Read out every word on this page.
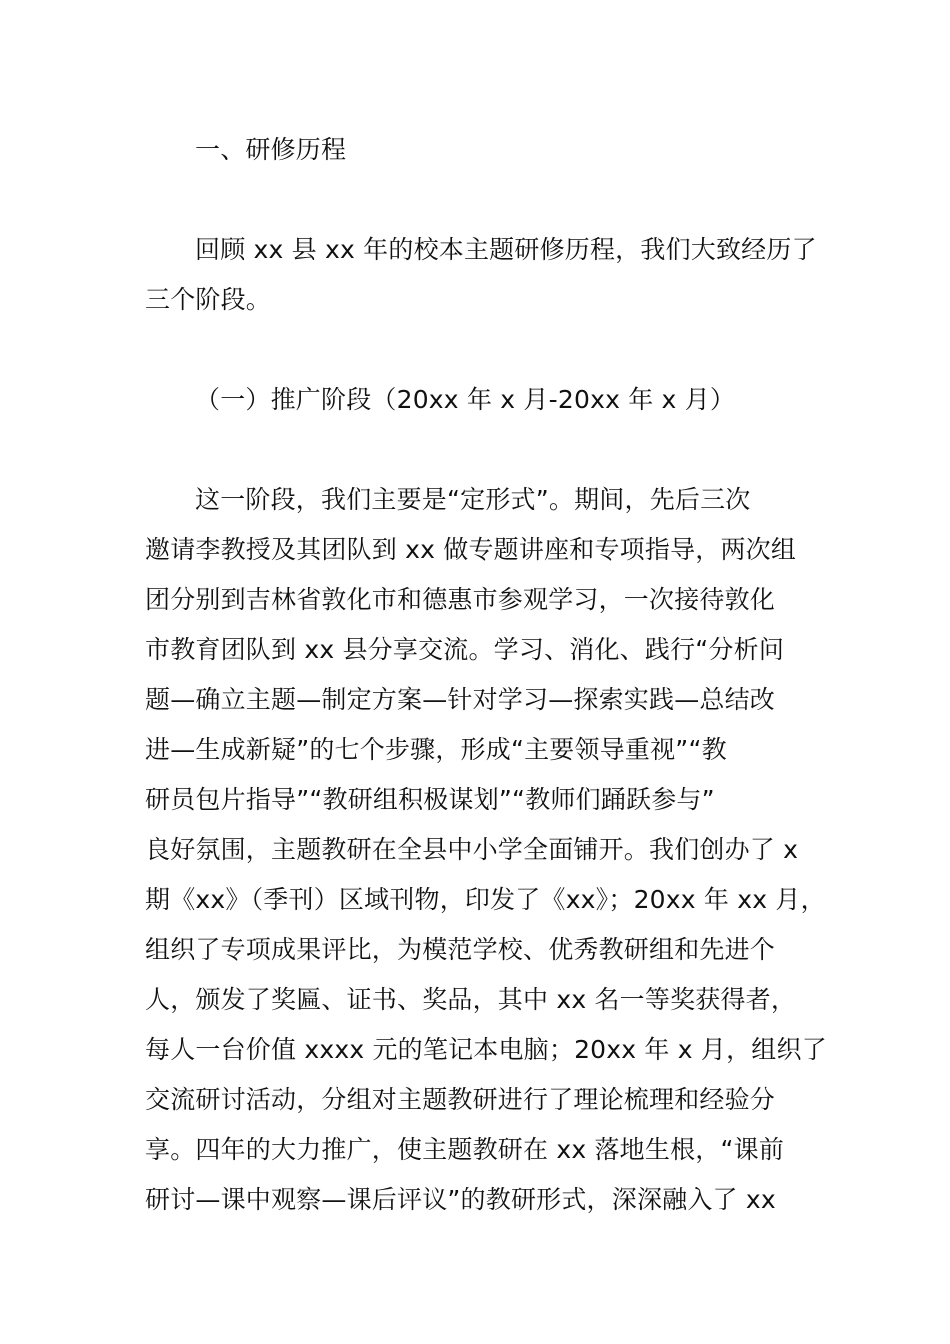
一、研修历程
回顾 xx 县 xx 年的校本主题研修历程，我们大致经历了
三个阶段。
（一）推广阶段（20xx 年 x 月-20xx 年 x 月）
这一阶段，我们主要是“定形式”。期间，先后三次
邀请李教授及其团队到 xx 做专题讲座和专项指导，两次组
团分别到吉林省敦化市和德惠市参观学习，一次接待敦化
市教育团队到 xx 县分享交流。学习、消化、践行“分析问
题—确立主题—制定方案—针对学习—探索实践—总结改
进—生成新疑”的七个步骤，形成“主要领导重视”“教
研员包片指导”“教研组积极谋划”“教师们踊跃参与”
良好氛围，主题教研在全县中小学全面铺开。我们创办了 x
期《xx》（季刊）区域刊物，印发了《xx》；20xx 年 xx 月，
组织了专项成果评比，为模范学校、优秀教研组和先进个
人，颁发了奖匾、证书、奖品，其中 xx 名一等奖获得者，
每人一台价值 xxxx 元的笔记本电脑；20xx 年 x 月，组织了
交流研讨活动，分组对主题教研进行了理论梳理和经验分
享。四年的大力推广，使主题教研在 xx 落地生根，“课前
研讨—课中观察—课后评议”的教研形式，深深融入了 xx
